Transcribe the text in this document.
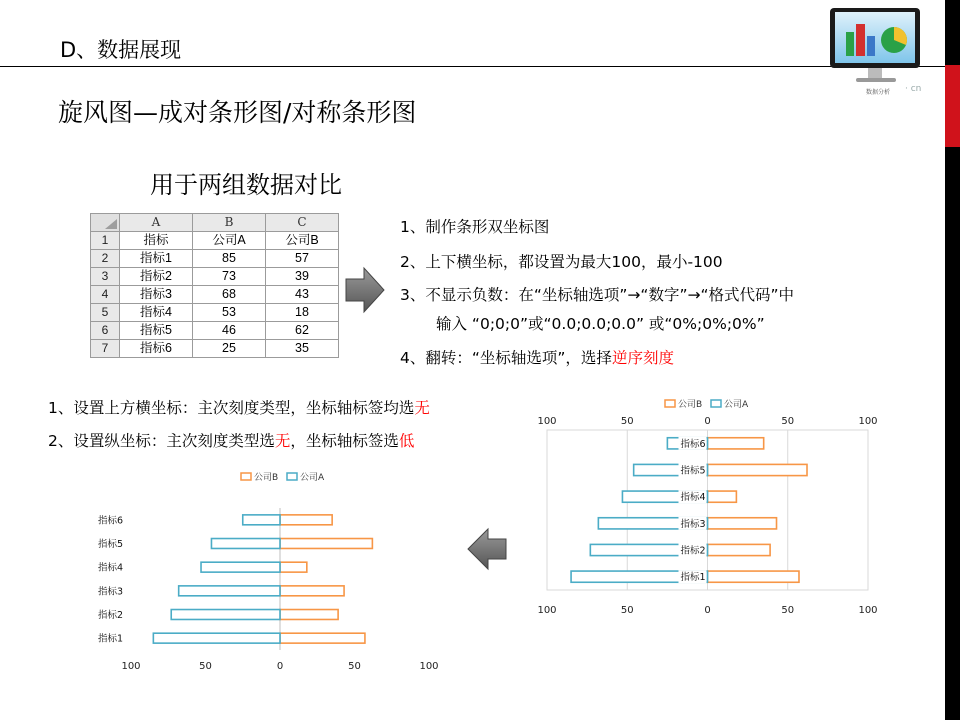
D、数据展现
数据分析 · cn
旋风图—成对条形图/对称条形图
用于两组数据对比
	A	B	C
1	指标	公司A	公司B
2	指标1	85	57
3	指标2	73	39
4	指标3	68	43
5	指标4	53	18
6	指标5	46	62
7	指标6	25	35
1、制作条形双坐标图
2、上下横坐标，都设置为最大100，最小-100
3、不显示负数：在“坐标轴选项”→“数字”→“格式代码”中
输入 “0;0;0”或“0.0;0.0;0.0” 或“0%;0%;0%”
4、翻转：“坐标轴选项”，选择逆序刻度
1、设置上方横坐标：主次刻度类型，坐标轴标签均选无
2、设置纵坐标：主次刻度类型选无，坐标轴标签选低
公司B 公司A
100	50	0	50	100
100	50	0	50	100
指标1
指标2
指标3
指标4
指标5
指标6
公司B 公司A
100	50	0	50	100
指标1
指标2
指标3
指标4
指标5
指标6
